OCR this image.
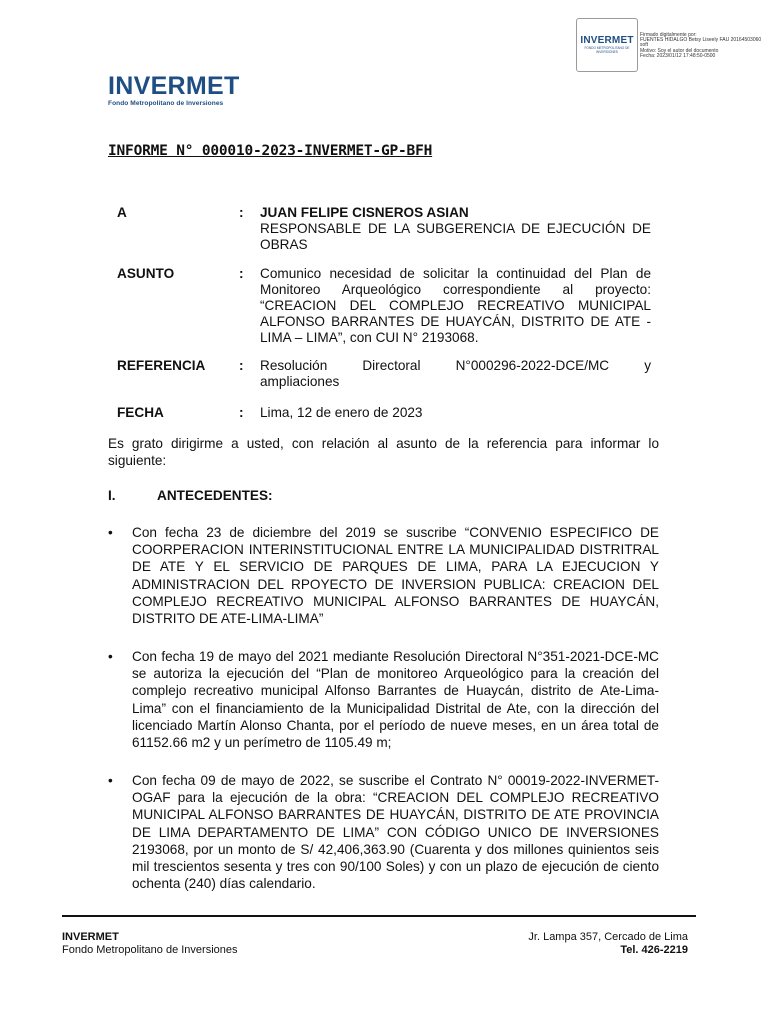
INVERMET
FONDO METROPOLITANO DE INVERSIONES
Firmado digitalmente por:
FUENTES HIDALGO Betsy Liseely FAU 20164503060
soft
Motivo: Soy el autor del documento
Fecha: 2023/01/12 17:48:50-0500
INVERMET
Fondo Metropolitano de Inversiones
INFORME N° 000010-2023-INVERMET-GP-BFH
A	: JUAN FELIPE CISNEROS ASIAN
RESPONSABLE DE LA SUBGERENCIA DE EJECUCIÓN DE OBRAS
ASUNTO	: Comunico necesidad de solicitar la continuidad del Plan de Monitoreo Arqueológico correspondiente al proyecto: “CREACION DEL COMPLEJO RECREATIVO MUNICIPAL ALFONSO BARRANTES DE HUAYCÁN, DISTRITO DE ATE - LIMA – LIMA”, con CUI N° 2193068.
REFERENCIA : Resolución	Directoral	N°000296-2022-DCE/MC	y
ampliaciones
FECHA	: Lima, 12 de enero de 2023
Es grato dirigirme a usted, con relación al asunto de la referencia para informar lo siguiente:
I.	ANTECEDENTES:
•	Con fecha 23 de diciembre del 2019 se suscribe “CONVENIO ESPECIFICO DE COORPERACION INTERINSTITUCIONAL ENTRE LA MUNICIPALIDAD DISTRITRAL DE ATE Y EL SERVICIO DE PARQUES DE LIMA, PARA LA EJECUCION Y ADMINISTRACION DEL RPOYECTO DE INVERSION PUBLICA: CREACION DEL COMPLEJO RECREATIVO MUNICIPAL ALFONSO BARRANTES DE HUAYCÁN, DISTRITO DE ATE-LIMA-LIMA”
•	Con fecha 19 de mayo del 2021 mediante Resolución Directoral N°351-2021-DCE-MC se autoriza la ejecución del “Plan de monitoreo Arqueológico para la creación del complejo recreativo municipal Alfonso Barrantes de Huaycán, distrito de Ate-Lima-Lima” con el financiamiento de la Municipalidad Distrital de Ate, con la dirección del licenciado Martín Alonso Chanta, por el período de nueve meses, en un área total de 61152.66 m2 y un perímetro de 1105.49 m;
•	Con fecha 09 de mayo de 2022, se suscribe el Contrato N° 00019-2022-INVERMET-OGAF para la ejecución de la obra: “CREACION DEL COMPLEJO RECREATIVO MUNICIPAL ALFONSO BARRANTES DE HUAYCÁN, DISTRITO DE ATE PROVINCIA DE LIMA DEPARTAMENTO DE LIMA” CON CÓDIGO UNICO DE INVERSIONES 2193068, por un monto de S/ 42,406,363.90 (Cuarenta y dos millones quinientos seis mil trescientos sesenta y tres con 90/100 Soles) y con un plazo de ejecución de ciento ochenta (240) días calendario.
INVERMET
Fondo Metropolitano de Inversiones
Jr. Lampa 357, Cercado de Lima
Tel. 426-2219
